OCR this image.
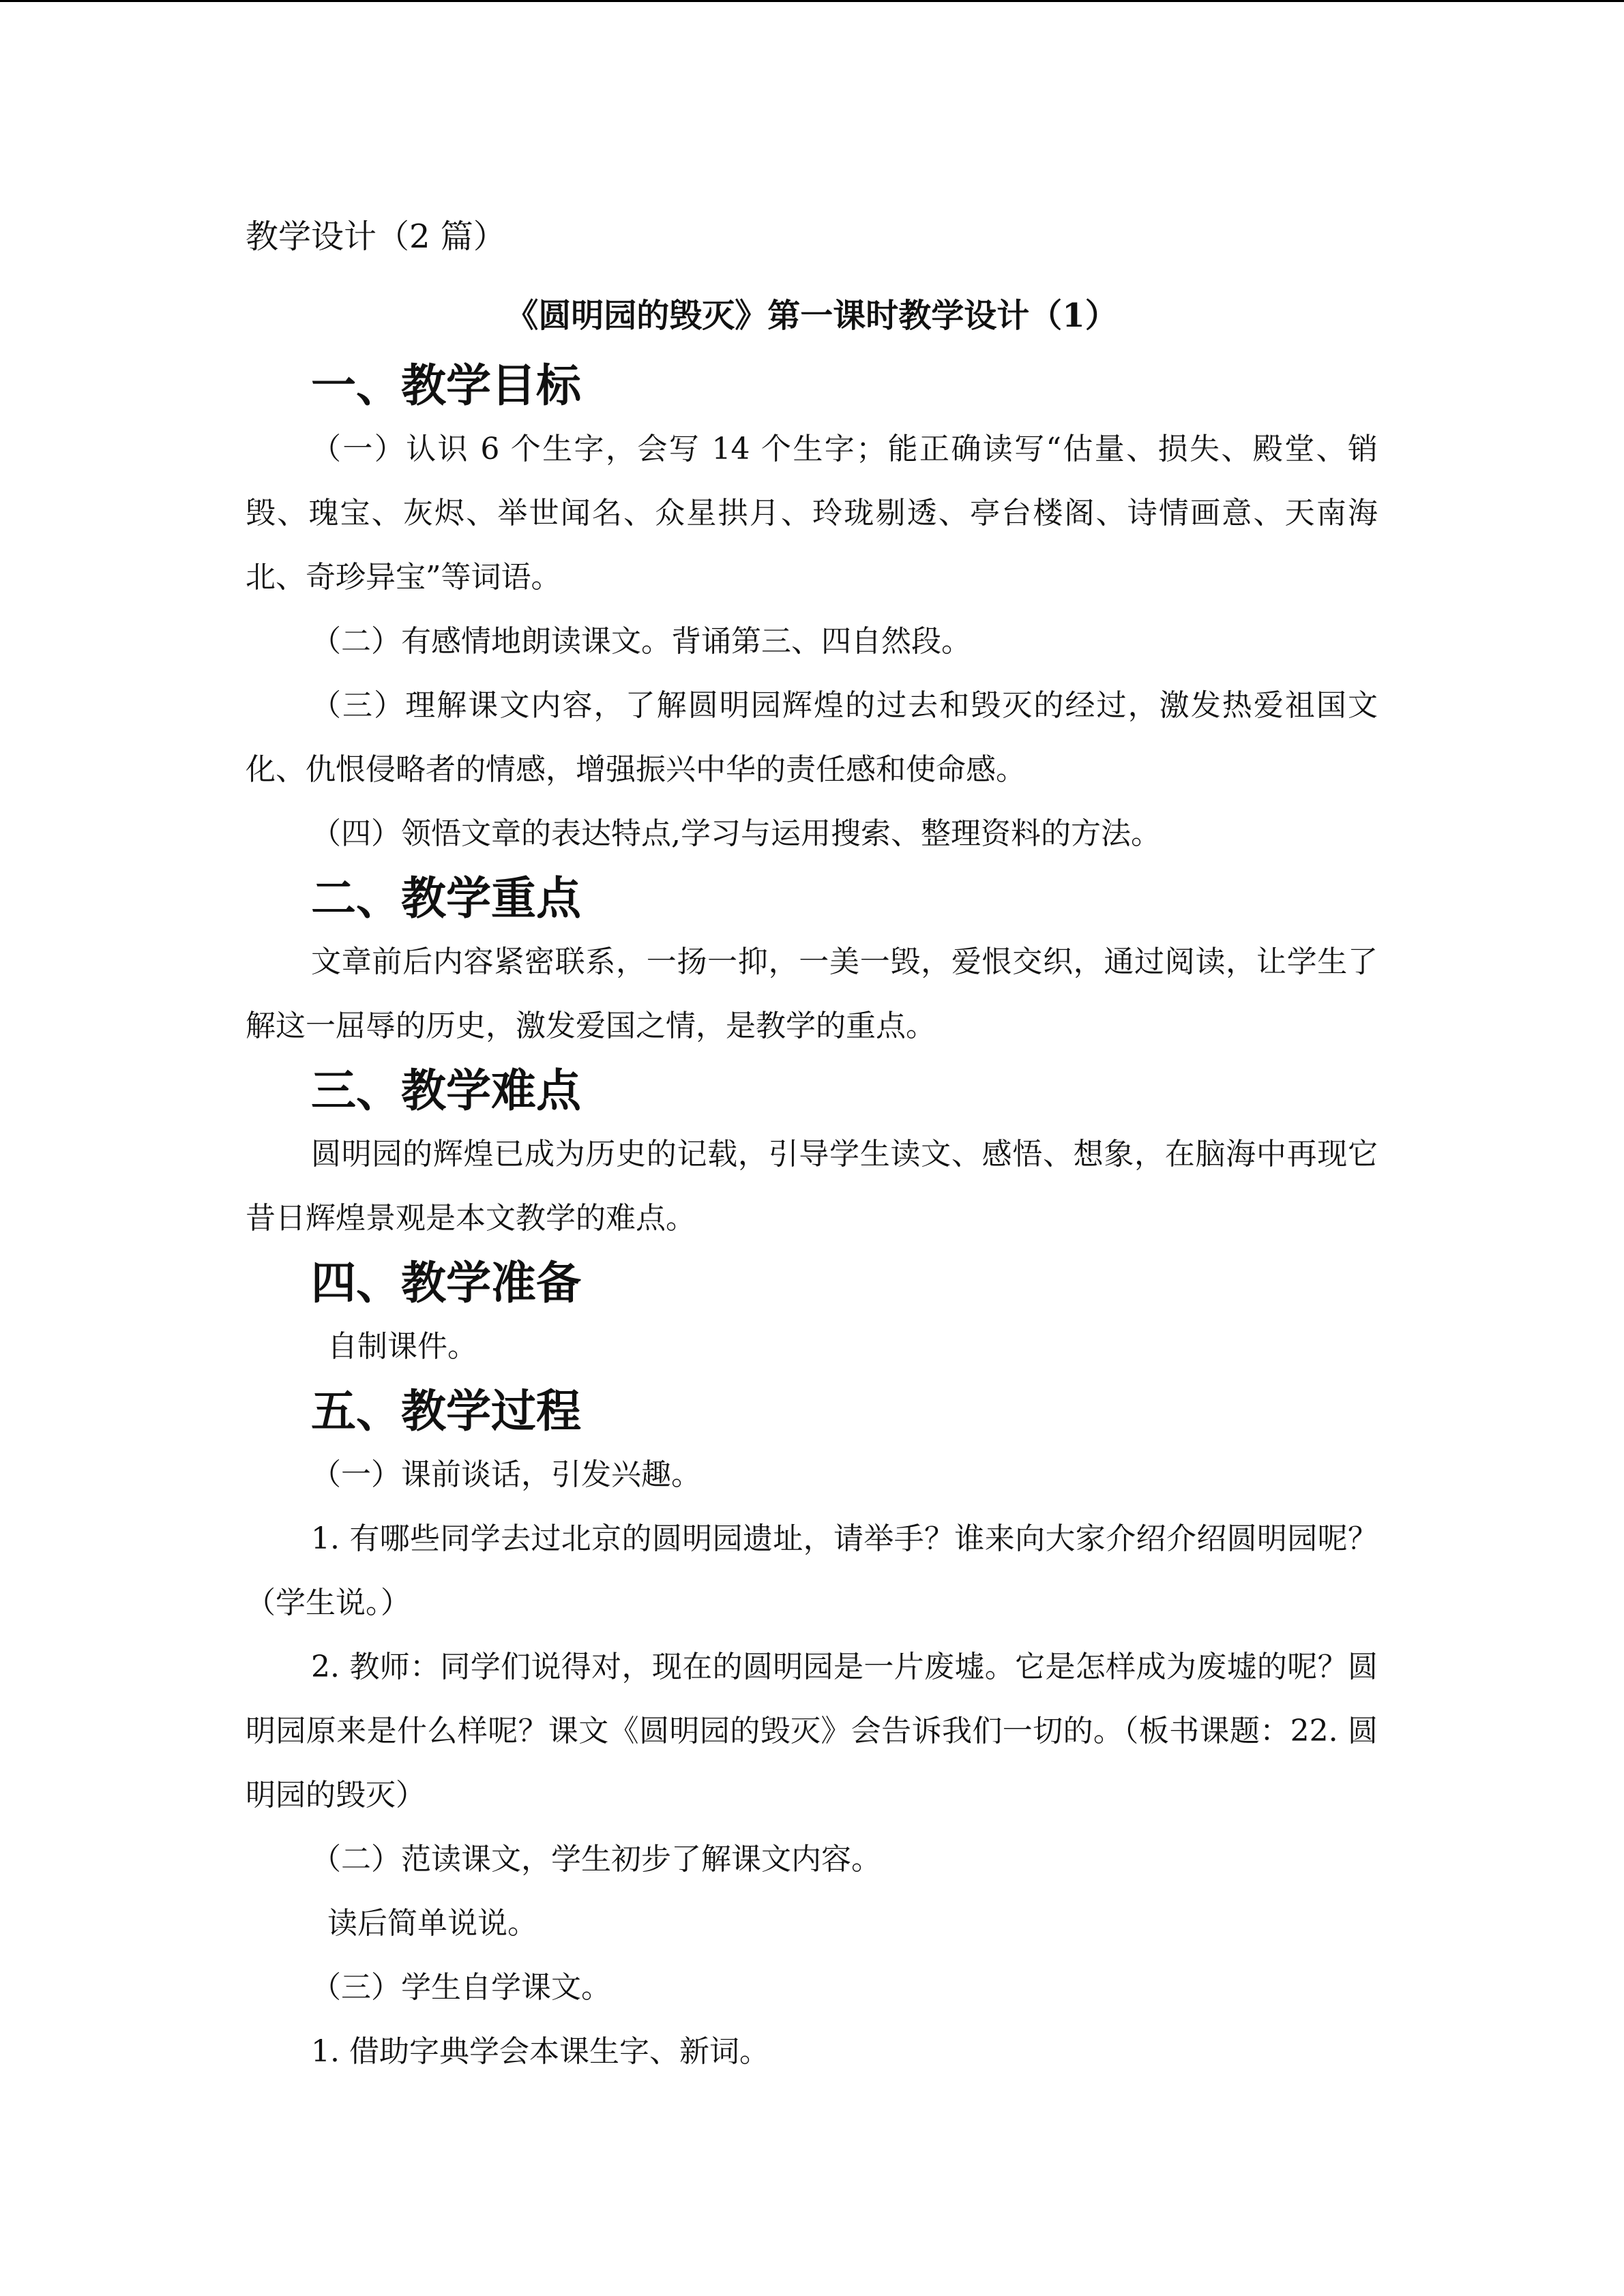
教学设计（2 篇）
《圆明园的毁灭》第一课时教学设计（1）
一、教学目标

（一）认识 6 个生字，会写 14 个生字；能正确读写“估量、损失、殿堂、销毁、瑰宝、灰烬、举世闻名、众星拱月、玲珑剔透、亭台楼阁、诗情画意、天南海北、奇珍异宝”等词语。

（二）有感情地朗读课文。背诵第三、四自然段。

（三）理解课文内容，了解圆明园辉煌的过去和毁灭的经过，激发热爱祖国文化、仇恨侵略者的情感，增强振兴中华的责任感和使命感。

（四）领悟文章的表达特点,学习与运用搜索、整理资料的方法。

二、教学重点

文章前后内容紧密联系，一扬一抑，一美一毁，爱恨交织，通过阅读，让学生了解这一屈辱的历史，激发爱国之情，是教学的重点。

三、教学难点

圆明园的辉煌已成为历史的记载，引导学生读文、感悟、想象，在脑海中再现它昔日辉煌景观是本文教学的难点。

四、教学准备

自制课件。

五、教学过程

（一）课前谈话，引发兴趣。

1. 有哪些同学去过北京的圆明园遗址，请举手？谁来向大家介绍介绍圆明园呢？（学生说。）

2. 教师：同学们说得对，现在的圆明园是一片废墟。它是怎样成为废墟的呢？圆明园原来是什么样呢？课文《圆明园的毁灭》会告诉我们一切的。（板书课题：22. 圆明园的毁灭）

（二）范读课文，学生初步了解课文内容。

读后简单说说。

（三）学生自学课文。

1. 借助字典学会本课生字、新词。
